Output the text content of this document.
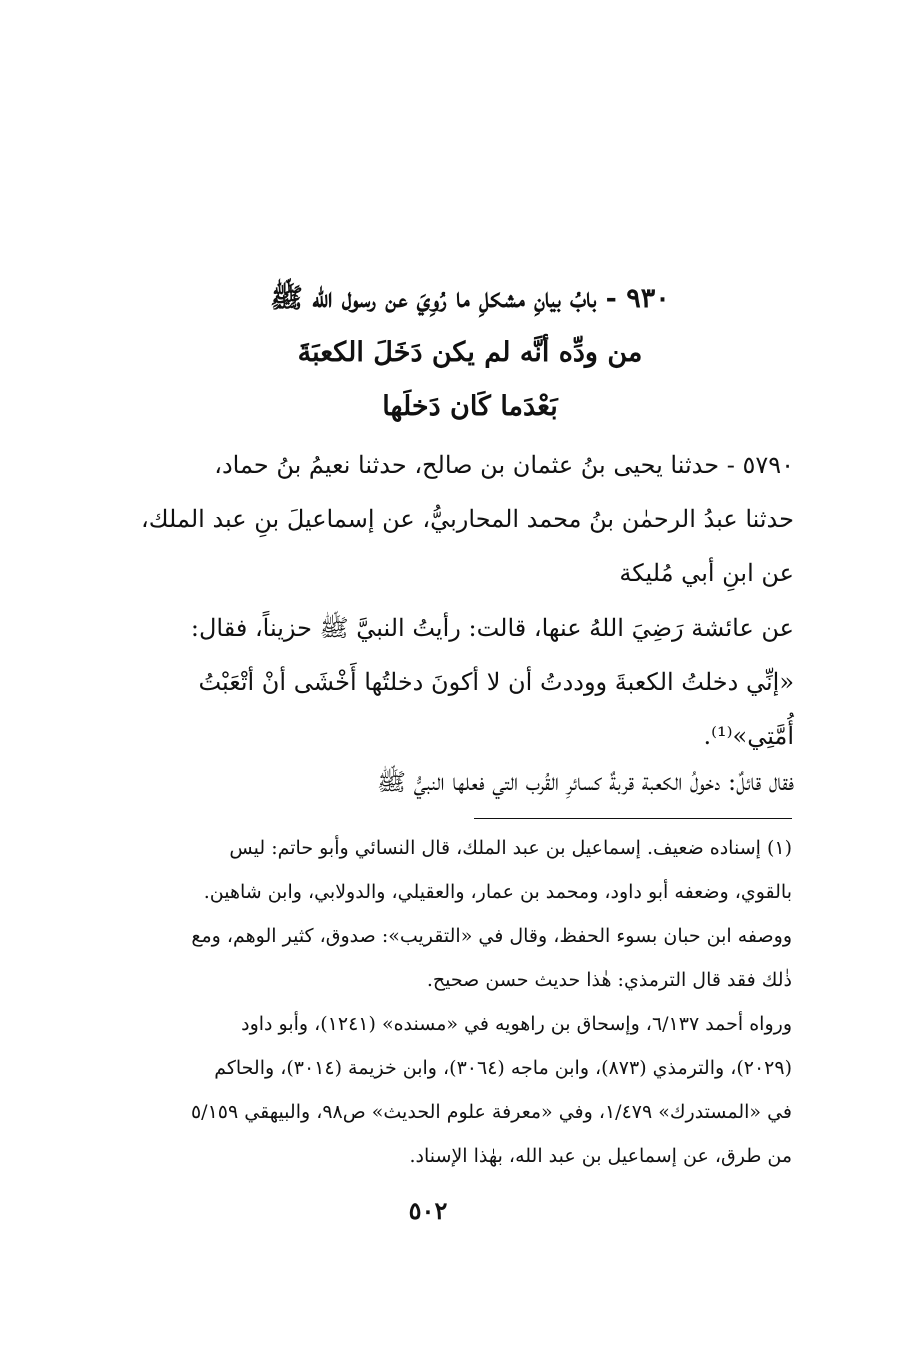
٩٣٠ - بابُ بيانِ مشكلِ ما رُوِيَ عن رسول الله ﷺ
من ودِّه أنَّه لم يكن دَخَلَ الكعبَةَ
بَعْدَما كَان دَخلَها

٥٧٩٠ - حدثنا يحيى بنُ عثمان بن صالح، حدثنا نعيمُ بنُ حماد،

حدثنا عبدُ الرحمٰن بنُ محمد المحاربيُّ، عن إسماعيلَ بنِ عبد الملك،

عن ابنِ أبي مُليكة

عن عائشة رَضِيَ اللهُ عنها، قالت: رأيتُ النبيَّ ﷺ حزيناً، فقال:

«إنِّي دخلتُ الكعبةَ ووددتُ أن لا أكونَ دخلتُها أَخْشَى أنْ أتْعَبْتُ

أُمَّتِي»⁽¹⁾.

فقال قائلٌ: دخولُ الكعبة قربةٌ كسائرِ القُرب التي فعلها النبيُّ ﷺ

(١) إسناده ضعيف. إسماعيل بن عبد الملك، قال النسائي وأبو حاتم: ليس

بالقوي، وضعفه أبو داود، ومحمد بن عمار، والعقيلي، والدولابي، وابن شاهين.

ووصفه ابن حبان بسوء الحفظ، وقال في «التقريب»: صدوق، كثير الوهم، ومع

ذٰلك فقد قال الترمذي: هٰذا حديث حسن صحيح.

ورواه أحمد ٦/١٣٧، وإسحاق بن راهويه في «مسنده» (١٢٤١)، وأبو داود

(٢٠٢٩)، والترمذي (٨٧٣)، وابن ماجه (٣٠٦٤)، وابن خزيمة (٣٠١٤)، والحاكم

في «المستدرك» ١/٤٧٩، وفي «معرفة علوم الحديث» ص٩٨، والبيهقي ٥/١٥٩

من طرق، عن إسماعيل بن عبد الله، بهٰذا الإسناد.

٥٠٢
